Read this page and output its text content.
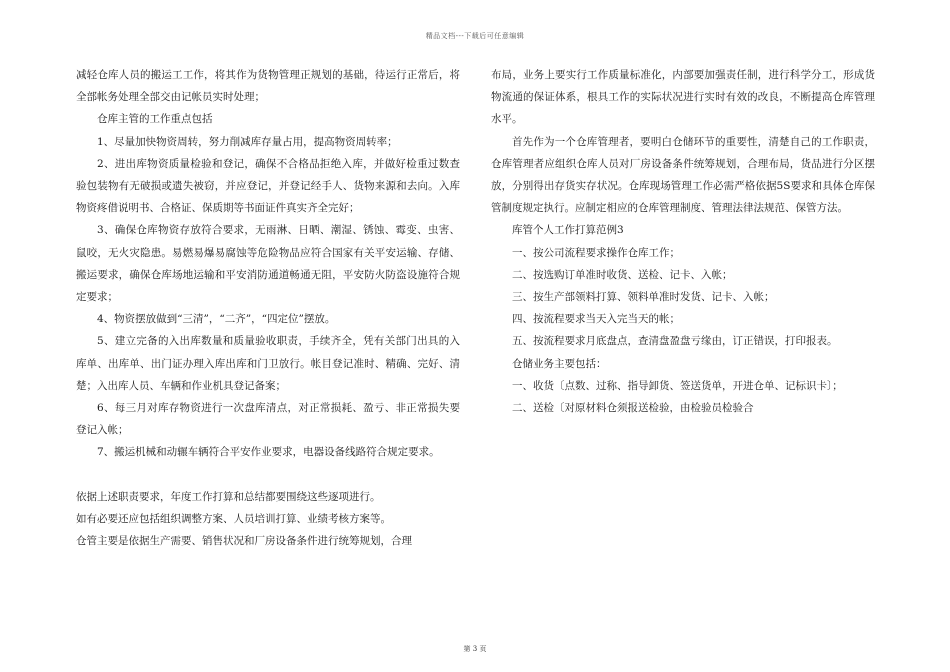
精品文档---下载后可任意编辑

减轻仓库人员的搬运工工作，将其作为货物管理正规划的基础，待运行正常后，将全部帐务处理全部交由记帐员实时处理；

仓库主管的工作重点包括

1、尽量加快物资周转，努力削减库存量占用，提高物资周转率；

2、进出库物资质量检验和登记，确保不合格品拒绝入库，并做好检重过数查验包装物有无破损或遗失被窃，并应登记，并登记经手人、货物来源和去向。入库物资疼借说明书、合格证、保质期等书面证件真实齐全完好；

3、确保仓库物资存放符合要求，无雨淋、日晒、潮湿、锈蚀、霉变、虫害、鼠咬，无火灾隐患。易燃易爆易腐蚀等危险物品应符合国家有关平安运输、存储、搬运要求，确保仓库场地运输和平安消防通道畅通无阻，平安防火防盗设施符合规定要求；

4、物资摆放做到“三清”，“二齐”，“四定位”摆放。

5、建立完备的入出库数量和质量验收职责，手续齐全，凭有关部门出具的入库单、出库单、出门证办理入库出库和门卫放行。帐目登记准时、精确、完好、清楚；入出库人员、车辆和作业机具登记备案；

6、每三月对库存物资进行一次盘库清点，对正常损耗、盈亏、非正常损失要登记入帐；

7、搬运机械和动辗车辆符合平安作业要求，电器设备线路符合规定要求。

依据上述职责要求，年度工作打算和总结都要围绕这些逐项进行。

如有必要还应包括组织调整方案、人员培训打算、业绩考核方案等。

仓管主要是依据生产需要、销售状况和厂房设备条件进行统筹规划，合理

布局，业务上要实行工作质量标准化，内部要加强责任制，进行科学分工，形成货物流通的保证体系，根具工作的实际状况进行实时有效的改良，不断提高仓库管理水平。

首先作为一个仓库管理者，要明白仓储环节的重要性，清楚自己的工作职责，仓库管理者应组织仓库人员对厂房设备条件统筹规划，合理布局，货品进行分区摆放，分别得出存货实存状况。仓库现场管理工作必需严格依据5S要求和具体仓库保管制度规定执行。应制定相应的仓库管理制度、管理法律法规范、保管方法。

库管个人工作打算范例3

一、按公司流程要求操作仓库工作；

二、按选购订单准时收货、送检、记卡、入帐；

三、按生产部领料打算、领料单准时发货、记卡、入帐；

四、按流程要求当天入完当天的帐；

五、按流程要求月底盘点，查清盘盈盘亏缘由，订正错误，打印报表。

仓储业务主要包括：

一、收货〔点数、过称、指导卸货、签送货单，开进仓单、记标识卡〕；

二、送检〔对原材料仓须报送检验，由检验员检验合

第 3 页
